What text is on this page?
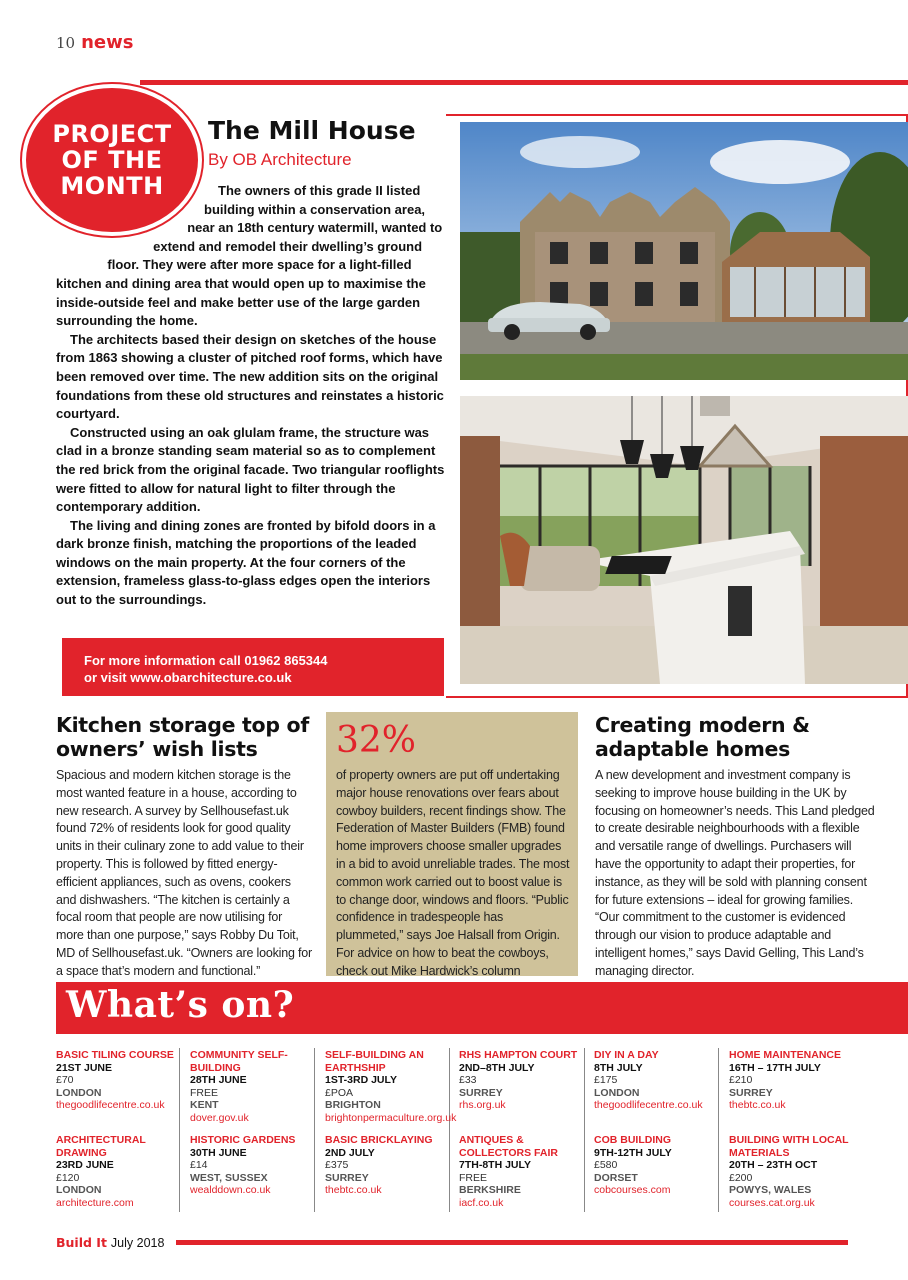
10 news
PROJECT
OF THE
MONTH
The Mill House
By OB Architecture

The owners of this grade II listed building within a conservation area, near an 18th century watermill, wanted to extend and remodel their dwelling’s ground floor. They were after more space for a light-filled kitchen and dining area that would open up to maximise the inside-outside feel and make better use of the large garden surrounding the home.

The architects based their design on sketches of the house from 1863 showing a cluster of pitched roof forms, which have been removed over time. The new addition sits on the original foundations from these old structures and reinstates a historic courtyard.

Constructed using an oak glulam frame, the structure was clad in a bronze standing seam material so as to complement the red brick from the original facade. Two triangular rooflights were fitted to allow for natural light to filter through the contemporary addition.

The living and dining zones are fronted by bifold doors in a dark bronze finish, matching the proportions of the leaded windows on the main property. At the four corners of the extension, frameless glass-to-glass edges open the interiors out to the surroundings.

For more information call 01962 865344
or visit www.obarchitecture.co.uk
Kitchen storage top of owners’ wish lists
Spacious and modern kitchen storage is the most wanted feature in a house, according to new research. A survey by Sellhousefast.uk found 72% of residents look for good quality units in their culinary zone to add value to their property. This is followed by fitted energy-efficient appliances, such as ovens, cookers and dishwashers. “The kitchen is certainly a focal room that people are now utilising for more than one purpose,” says Robby Du Toit, MD of Sellhousefast.uk. “Owners are looking for a space that’s modern and functional.”
32%
of property owners are put off undertaking major house renovations over fears about cowboy builders, recent findings show. The Federation of Master Builders (FMB) found home improvers choose smaller upgrades in a bid to avoid unreliable trades. The most common work carried out to boost value is to change door, windows and floors. “Public confidence in tradespeople has plummeted,” says Joe Halsall from Origin. For advice on how to beat the cowboys, check out Mike Hardwick’s column
Creating modern & adaptable homes
A new development and investment company is seeking to improve house building in the UK by focusing on homeowner’s needs. This Land pledged to create desirable neighbourhoods with a flexible and versatile range of dwellings. Purchasers will have the opportunity to adapt their properties, for instance, as they will be sold with planning consent for future extensions – ideal for growing families. “Our commitment to the customer is evidenced through our vision to produce adaptable and intelligent homes,” says David Gelling, This Land’s managing director.
What’s on?
BASIC TILING COURSE
21ST JUNE
£70
LONDON
thegoodlifecentre.co.uk
COMMUNITY SELF-BUILDING
28TH JUNE
FREE
KENT
dover.gov.uk
SELF-BUILDING AN EARTHSHIP
1ST-3RD JULY
£POA
BRIGHTON
brightonpermaculture.org.uk
RHS HAMPTON COURT
2ND–8TH JULY
£33
SURREY
rhs.org.uk
DIY IN A DAY
8TH JULY
£175
LONDON
thegoodlifecentre.co.uk
HOME MAINTENANCE
16TH – 17TH JULY
£210
SURREY
thebtc.co.uk
ARCHITECTURAL DRAWING
23RD JUNE
£120
LONDON
architecture.com
HISTORIC GARDENS
30TH JUNE
£14
WEST, SUSSEX
wealddown.co.uk
BASIC BRICKLAYING
2ND JULY
£375
SURREY
thebtc.co.uk
ANTIQUES & COLLECTORS FAIR
7TH-8TH JULY
FREE
BERKSHIRE
iacf.co.uk
COB BUILDING
9TH-12TH JULY
£580
DORSET
cobcourses.com
BUILDING WITH LOCAL MATERIALS
20TH – 23TH OCT
£200
POWYS, WALES
courses.cat.org.uk
Build It July 2018
